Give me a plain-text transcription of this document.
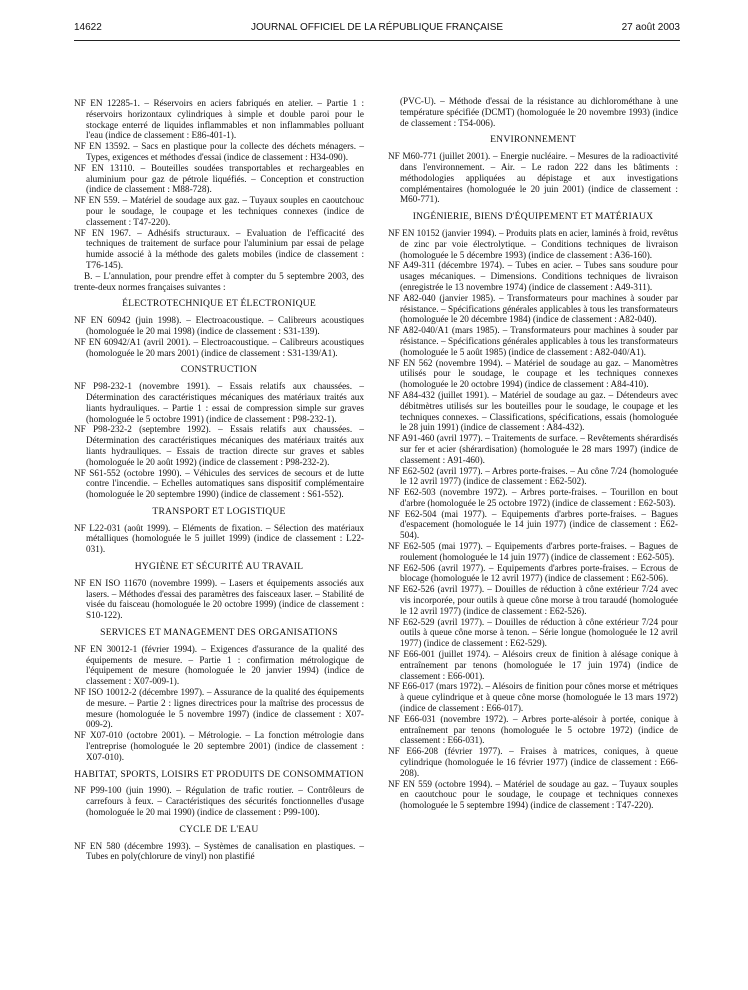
14622	JOURNAL OFFICIEL DE LA RÉPUBLIQUE FRANÇAISE	27 août 2003
NF EN 12285-1. – Réservoirs en aciers fabriqués en atelier. – Partie 1 : réservoirs horizontaux cylindriques à simple et double paroi pour le stockage enterré de liquides inflammables et non inflammables polluant l'eau (indice de classement : E86-401-1).
NF EN 13592. – Sacs en plastique pour la collecte des déchets ménagers. – Types, exigences et méthodes d'essai (indice de classement : H34-090).
NF EN 13110. – Bouteilles soudées transportables et rechargeables en aluminium pour gaz de pétrole liquéfiés. – Conception et construction (indice de classement : M88-728).
NF EN 559. – Matériel de soudage aux gaz. – Tuyaux souples en caoutchouc pour le soudage, le coupage et les techniques connexes (indice de classement : T47-220).
NF EN 1967. – Adhésifs structuraux. – Evaluation de l'efficacité des techniques de traitement de surface pour l'aluminium par essai de pelage humide associé à la méthode des galets mobiles (indice de classement : T76-145).
B. – L'annulation, pour prendre effet à compter du 5 septembre 2003, des trente-deux normes françaises suivantes :
ÉLECTROTECHNIQUE ET ÉLECTRONIQUE
NF EN 60942 (juin 1998). – Electroacoustique. – Calibreurs acoustiques (homologuée le 20 mai 1998) (indice de classement : S31-139).
NF EN 60942/A1 (avril 2001). – Electroacoustique. – Calibreurs acoustiques (homologuée le 20 mars 2001) (indice de classement : S31-139/A1).
CONSTRUCTION
NF P98-232-1 (novembre 1991). – Essais relatifs aux chaussées. – Détermination des caractéristiques mécaniques des matériaux traités aux liants hydrauliques. – Partie 1 : essai de compression simple sur graves (homologuée le 5 octobre 1991) (indice de classement : P98-232-1).
NF P98-232-2 (septembre 1992). – Essais relatifs aux chaussées. – Détermination des caractéristiques mécaniques des matériaux traités aux liants hydrauliques. – Essais de traction directe sur graves et sables (homologuée le 20 août 1992) (indice de classement : P98-232-2).
NF S61-552 (octobre 1990). – Véhicules des services de secours et de lutte contre l'incendie. – Echelles automatiques sans dispositif complémentaire (homologuée le 20 septembre 1990) (indice de classement : S61-552).
TRANSPORT ET LOGISTIQUE
NF L22-031 (août 1999). – Eléments de fixation. – Sélection des matériaux métalliques (homologuée le 5 juillet 1999) (indice de classement : L22-031).
HYGIÈNE ET SÉCURITÉ AU TRAVAIL
NF EN ISO 11670 (novembre 1999). – Lasers et équipements associés aux lasers. – Méthodes d'essai des paramètres des faisceaux laser. – Stabilité de visée du faisceau (homologuée le 20 octobre 1999) (indice de classement : S10-122).
SERVICES ET MANAGEMENT DES ORGANISATIONS
NF EN 30012-1 (février 1994). – Exigences d'assurance de la qualité des équipements de mesure. – Partie 1 : confirmation métrologique de l'équipement de mesure (homologuée le 20 janvier 1994) (indice de classement : X07-009-1).
NF ISO 10012-2 (décembre 1997). – Assurance de la qualité des équipements de mesure. – Partie 2 : lignes directrices pour la maîtrise des processus de mesure (homologuée le 5 novembre 1997) (indice de classement : X07-009-2).
NF X07-010 (octobre 2001). – Métrologie. – La fonction métrologie dans l'entreprise (homologuée le 20 septembre 2001) (indice de classement : X07-010).
HABITAT, SPORTS, LOISIRS ET PRODUITS DE CONSOMMATION
NF P99-100 (juin 1990). – Régulation de trafic routier. – Contrôleurs de carrefours à feux. – Caractéristiques des sécurités fonctionnelles d'usage (homologuée le 20 mai 1990) (indice de classement : P99-100).
CYCLE DE L'EAU
NF EN 580 (décembre 1993). – Systèmes de canalisation en plastiques. – Tubes en poly(chlorure de vinyl) non plastifié
(PVC-U). – Méthode d'essai de la résistance au dichlorométhane à une température spécifiée (DCMT) (homologuée le 20 novembre 1993) (indice de classement : T54-006).
ENVIRONNEMENT
NF M60-771 (juillet 2001). – Energie nucléaire. – Mesures de la radioactivité dans l'environnement. – Air. – Le radon 222 dans les bâtiments : méthodologies appliquées au dépistage et aux investigations complémentaires (homologuée le 20 juin 2001) (indice de classement : M60-771).
INGÉNIERIE, BIENS D'ÉQUIPEMENT ET MATÉRIAUX
NF EN 10152 (janvier 1994). – Produits plats en acier, laminés à froid, revêtus de zinc par voie électrolytique. – Conditions techniques de livraison (homologuée le 5 décembre 1993) (indice de classement : A36-160).
NF A49-311 (décembre 1974). – Tubes en acier. – Tubes sans soudure pour usages mécaniques. – Dimensions. Conditions techniques de livraison (enregistrée le 13 novembre 1974) (indice de classement : A49-311).
NF A82-040 (janvier 1985). – Transformateurs pour machines à souder par résistance. – Spécifications générales applicables à tous les transformateurs (homologuée le 20 décembre 1984) (indice de classement : A82-040).
NF A82-040/A1 (mars 1985). – Transformateurs pour machines à souder par résistance. – Spécifications générales applicables à tous les transformateurs (homologuée le 5 août 1985) (indice de classement : A82-040/A1).
NF EN 562 (novembre 1994). – Matériel de soudage au gaz. – Manomètres utilisés pour le soudage, le coupage et les techniques connexes (homologuée le 20 octobre 1994) (indice de classement : A84-410).
NF A84-432 (juillet 1991). – Matériel de soudage au gaz. – Détendeurs avec débitmètres utilisés sur les bouteilles pour le soudage, le coupage et les techniques connexes. – Classifications, spécifications, essais (homologuée le 28 juin 1991) (indice de classement : A84-432).
NF A91-460 (avril 1977). – Traitements de surface. – Revêtements shérardisés sur fer et acier (shérardisation) (homologuée le 28 mars 1997) (indice de classement : A91-460).
NF E62-502 (avril 1977). – Arbres porte-fraises. – Au cône 7/24 (homologuée le 12 avril 1977) (indice de classement : E62-502).
NF E62-503 (novembre 1972). – Arbres porte-fraises. – Tourillon en bout d'arbre (homologuée le 25 octobre 1972) (indice de classement : E62-503).
NF E62-504 (mai 1977). – Equipements d'arbres porte-fraises. – Bagues d'espacement (homologuée le 14 juin 1977) (indice de classement : E62-504).
NF E62-505 (mai 1977). – Equipements d'arbres porte-fraises. – Bagues de roulement (homologuée le 14 juin 1977) (indice de classement : E62-505).
NF E62-506 (avril 1977). – Equipements d'arbres porte-fraises. – Ecrous de blocage (homologuée le 12 avril 1977) (indice de classement : E62-506).
NF E62-526 (avril 1977). – Douilles de réduction à cône extérieur 7/24 avec vis incorporée, pour outils à queue cône morse à trou taraudé (homologuée le 12 avril 1977) (indice de classement : E62-526).
NF E62-529 (avril 1977). – Douilles de réduction à cône extérieur 7/24 pour outils à queue cône morse à tenon. – Série longue (homologuée le 12 avril 1977) (indice de classement : E62-529).
NF E66-001 (juillet 1974). – Alésoirs creux de finition à alésage conique à entraînement par tenons (homologuée le 17 juin 1974) (indice de classement : E66-001).
NF E66-017 (mars 1972). – Alésoirs de finition pour cônes morse et métriques à queue cylindrique et à queue cône morse (homologuée le 13 mars 1972) (indice de classement : E66-017).
NF E66-031 (novembre 1972). – Arbres porte-alésoir à portée, conique à entraînement par tenons (homologuée le 5 octobre 1972) (indice de classement : E66-031).
NF E66-208 (février 1977). – Fraises à matrices, coniques, à queue cylindrique (homologuée le 16 février 1977) (indice de classement : E66-208).
NF EN 559 (octobre 1994). – Matériel de soudage au gaz. – Tuyaux souples en caoutchouc pour le soudage, le coupage et techniques connexes (homologuée le 5 septembre 1994) (indice de classement : T47-220).
